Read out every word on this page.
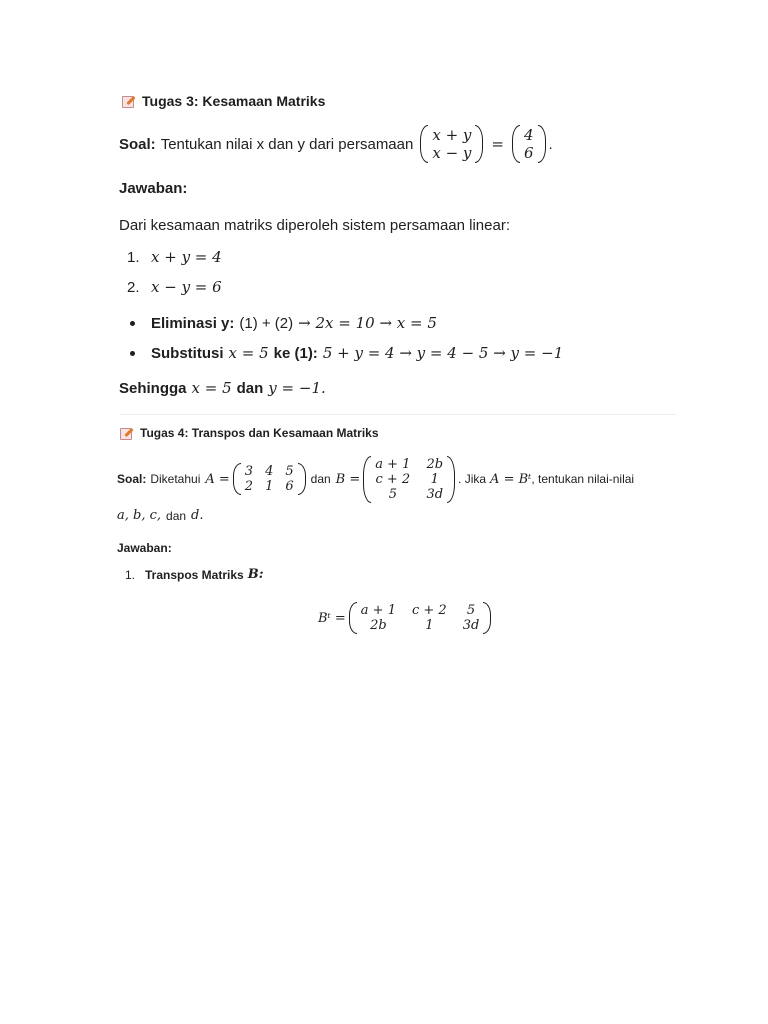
Tugas 3: Kesamaan Matriks
Soal: Tentukan nilai x dan y dari persamaan x + y
x − y = 4
6 .
Jawaban:
Dari kesamaan matriks diperoleh sistem persamaan linear:
1. x + y = 4
2. x − y = 6
Eliminasi y: (1) + (2) → 2x = 10 → x = 5
Substitusi x = 5 ke (1): 5 + y = 4 → y = 4 − 5 → y = −1
Sehingga x = 5 dan y = −1.
Tugas 4: Transpos dan Kesamaan Matriks
Soal: Diketahui A = 3 4 5
2 1 6 dan B =
a + 1 2b
c + 2 1
5 3d
. Jika A = Bᵗ , tentukan nilai-nilai
a, b, c, dan d.
Jawaban:
1. Transpos Matriks B:
Bᵗ = a + 1 c + 2 5
2b	1 3d
